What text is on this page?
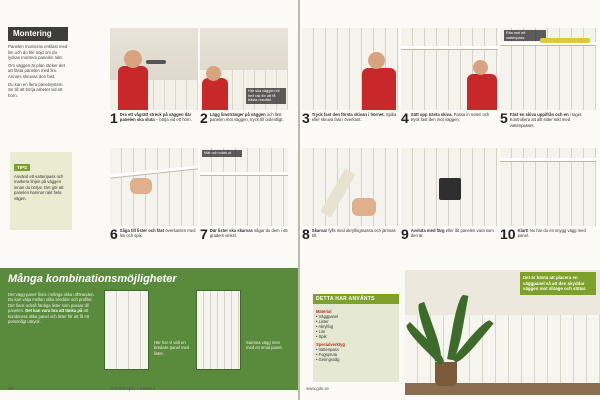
Montering

Panelen monteras enklast med lim och du blir nöjd om du lyckas montera panelen rakt.

Om väggen är plan räcker det att fästa panelen med lim. Annars skruvas den fast.

Du kan en flera panelsystem. Se till att börja arbetet vid ett hörn.

TIPS
Använd ett vattenpass och markera linjen på väggen innan du börjar. Det gör att panelen hamnar rakt hela vägen.
Här ska väggen bli helt rak för att få bästa resultat
Rita mot ett vattenpass
1 Dra ett vågrätt streck på väggen där panelen ska sluta – börja vid ett hörn. 2 Lägg limstränger på väggen och fäst panelen mot väggen, tryck till ordentligt.	3 Tryck fast den första skivan i hörnet. Spika eller skruva fast i överkant.	4 Sätt upp nästa skiva. Passa in noten och tryck fast den mot väggen.	5 Fäst en skiva uppifrån och en i taget. Kontrollera att allt sitter rakt med vattenpasset.
Mät och märk ut
6 Såga till lister och fäst överkanten med lim och spik.	7 Där lister ska skarvas sågar du dem i 45 graders vinkel.	8 Skarvar fylls med akrylfogmassa och jämnas till.	9 Avsluta med färg eller låt panelen vara som den är.	10 Klart! Nu har du en snygg vägg med panel.
Många kombinationsmöjligheter
Det vägg-panel finns i många olika utföranden. Du kan välja mellan olika bredder och profiler. Det finns också färdiga lister som passar till panelen. Det kan vara bra att tänka på att kombinera olika panel och lister för att få ett personligt uttryck.
Här har vi valt en bredare panel med lister.
Samma vägg men med en smal panel.
DETTA HAR ANVÄNTS
Material
• Väggpanel
• Lister
• Akrylfog
• Lim
• Spik
Specialverktyg
• Vattenpass
• Fogspruta
• Geringssåg
Det är bästa att placera en väggpanel så att den skyddar väggen mot slitage och stötar.
38	Gör Det Själv • 10/2014	www.gds.se
